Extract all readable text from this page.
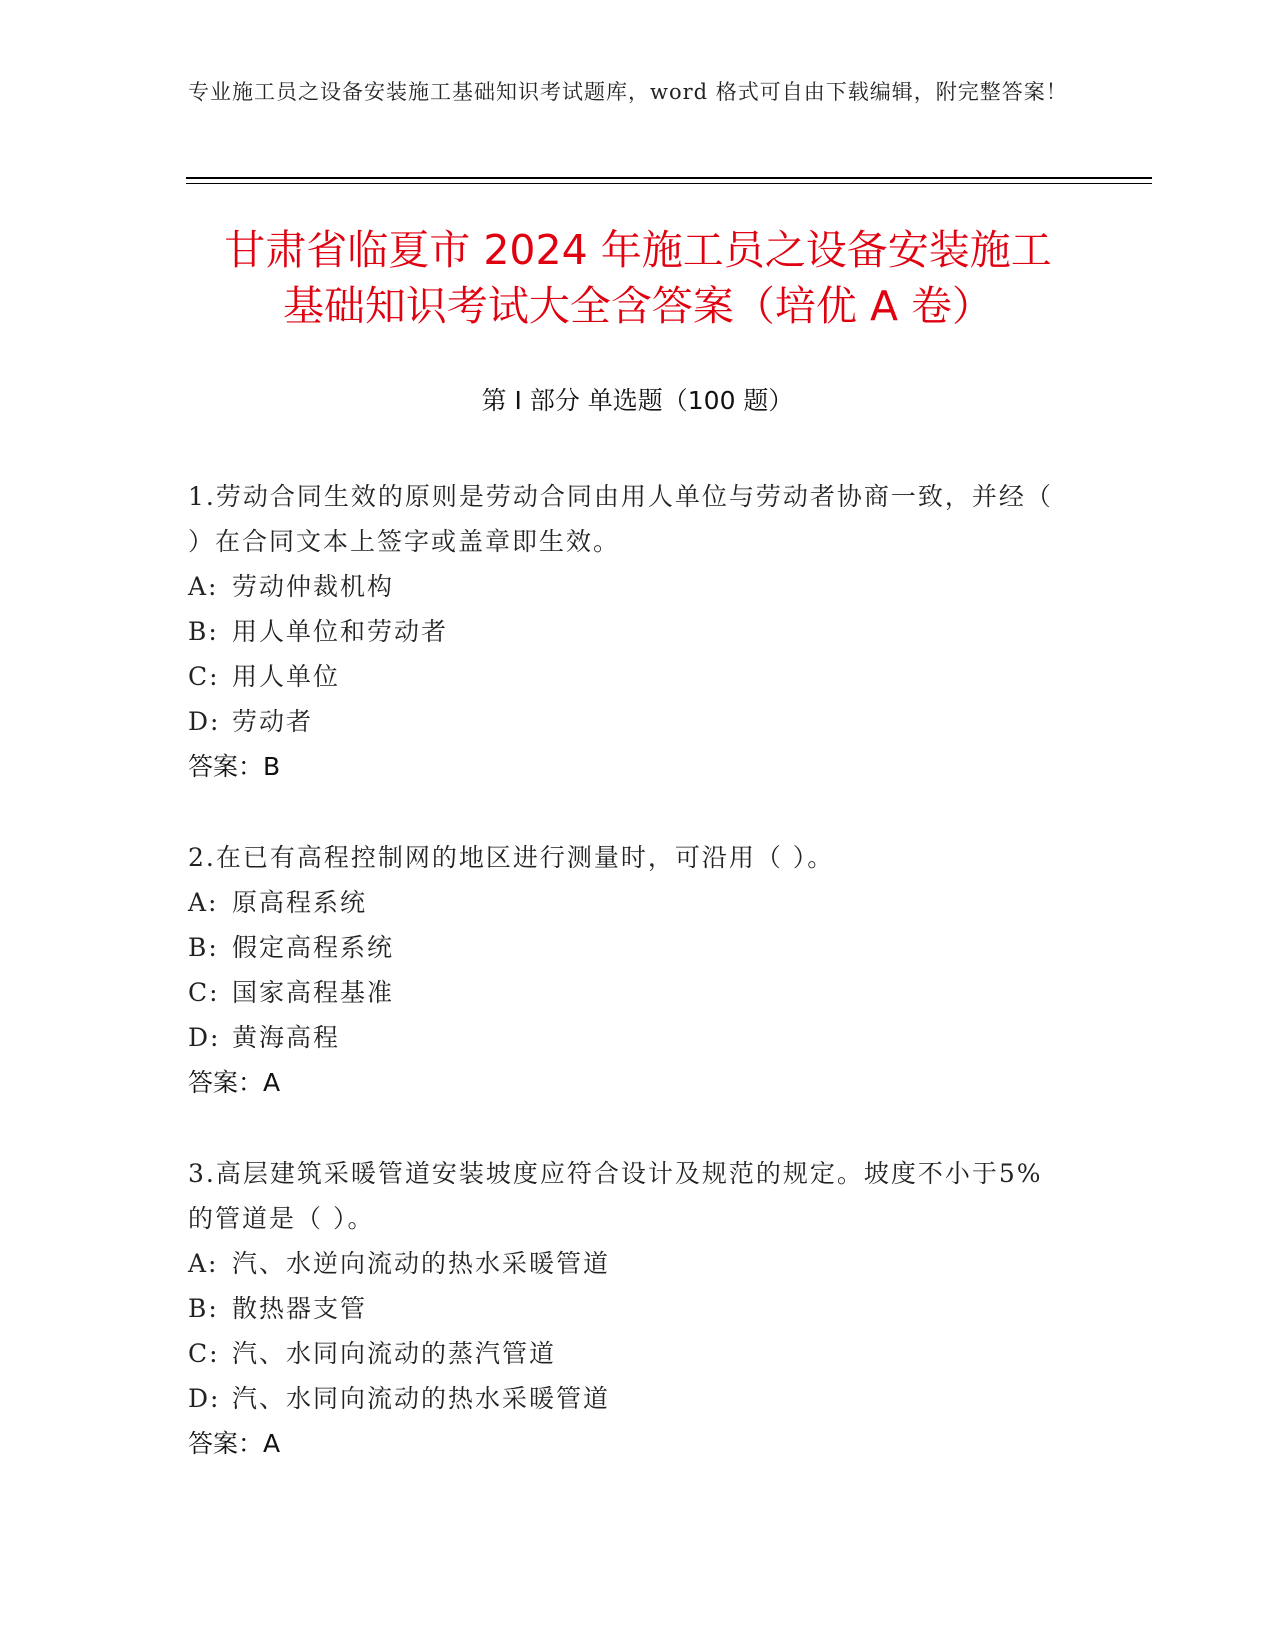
专业施工员之设备安装施工基础知识考试题库，word 格式可自由下载编辑，附完整答案！
甘肃省临夏市 2024 年施工员之设备安装施工
基础知识考试大全含答案（培优 A 卷）
第 I 部分 单选题（100 题）
1.劳动合同生效的原则是劳动合同由用人单位与劳动者协商一致，并经（ ）在合同文本上签字或盖章即生效。
A: 劳动仲裁机构
B: 用人单位和劳动者
C: 用人单位
D: 劳动者
答案：B
2.在已有高程控制网的地区进行测量时，可沿用（ ）。
A: 原高程系统
B: 假定高程系统
C: 国家高程基准
D: 黄海高程
答案：A
3.高层建筑采暖管道安装坡度应符合设计及规范的规定。坡度不小于5%的管道是（ ）。
A: 汽、水逆向流动的热水采暖管道
B: 散热器支管
C: 汽、水同向流动的蒸汽管道
D: 汽、水同向流动的热水采暖管道
答案：A
